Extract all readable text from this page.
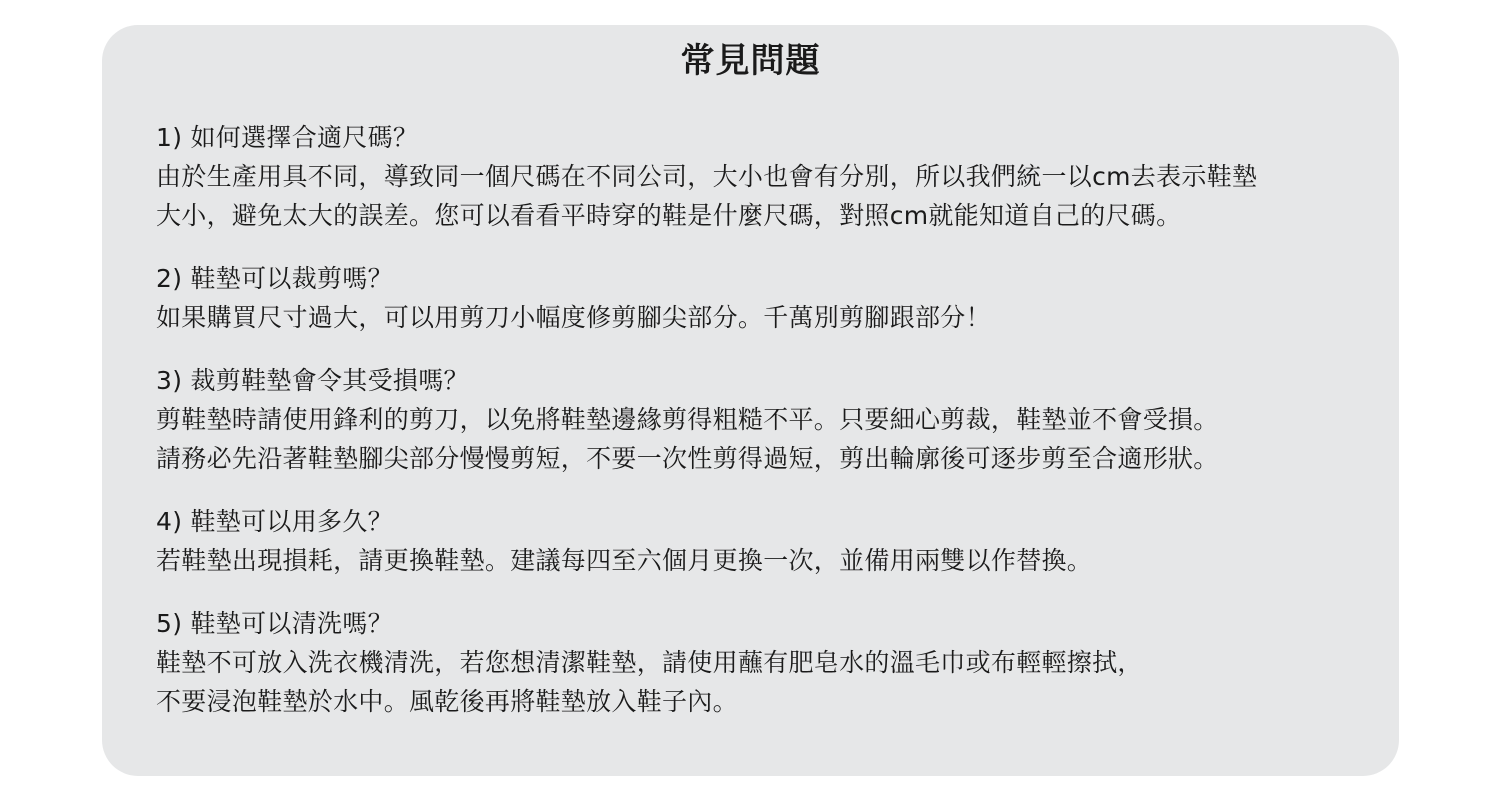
常見問題
1) 如何選擇合適尺碼？
由於生產用具不同，導致同一個尺碼在不同公司，大小也會有分別，所以我們統一以cm去表示鞋墊
大小，避免太大的誤差。您可以看看平時穿的鞋是什麼尺碼，對照cm就能知道自己的尺碼。
2) 鞋墊可以裁剪嗎？
如果購買尺寸過大，可以用剪刀小幅度修剪腳尖部分。千萬別剪腳跟部分！
3) 裁剪鞋墊會令其受損嗎？
剪鞋墊時請使用鋒利的剪刀，以免將鞋墊邊緣剪得粗糙不平。只要細心剪裁，鞋墊並不會受損。
請務必先沿著鞋墊腳尖部分慢慢剪短，不要一次性剪得過短，剪出輪廓後可逐步剪至合適形狀。
4) 鞋墊可以用多久？
若鞋墊出現損耗，請更換鞋墊。建議每四至六個月更換一次，並備用兩雙以作替換。
5) 鞋墊可以清洗嗎？
鞋墊不可放入洗衣機清洗，若您想清潔鞋墊，請使用蘸有肥皂水的溫毛巾或布輕輕擦拭，
不要浸泡鞋墊於水中。風乾後再將鞋墊放入鞋子內。
